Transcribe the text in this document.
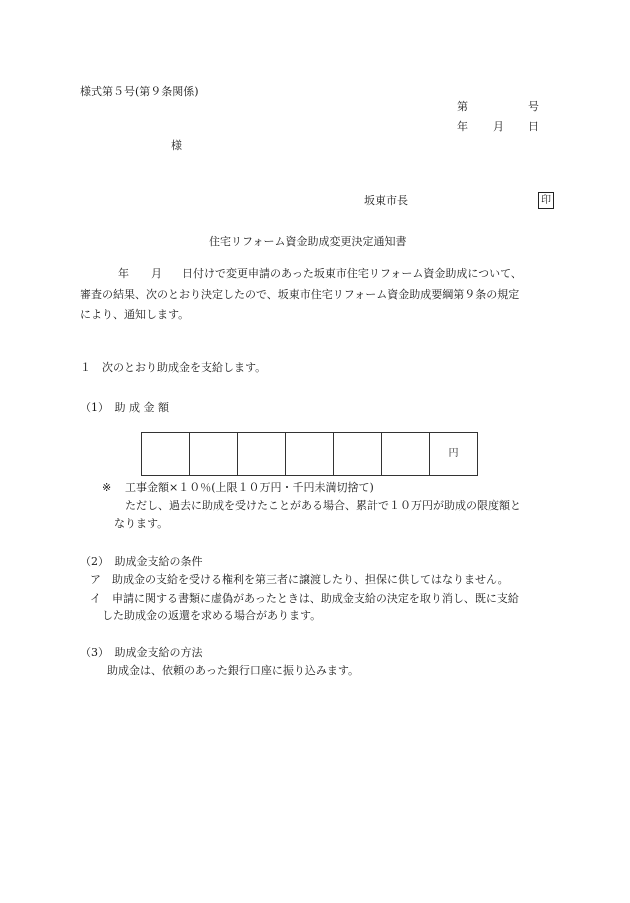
様式第５号(第９条関係)
第	号
年 月 日
様
坂東市長	印
住宅リフォーム資金助成変更決定通知書
年 月 日付けで変更申請のあった坂東市住宅リフォーム資金助成について、
審査の結果、次のとおり決定したので、坂東市住宅リフォーム資金助成要綱第９条の規定
により、通知します。
１　次のとおり助成金を支給します。
（1）　助 成 金 額
						円
※ 工事金額×１０％(上限１０万円・千円未満切捨て)
ただし、過去に助成を受けたことがある場合、累計で１０万円が助成の限度額と
なります。
（2）　助成金支給の条件
ア　助成金の支給を受ける権利を第三者に譲渡したり、担保に供してはなりません。
イ　申請に関する書類に虚偽があったときは、助成金支給の決定を取り消し、既に支給
した助成金の返還を求める場合があります。
（3）　助成金支給の方法
助成金は、依頼のあった銀行口座に振り込みます。
